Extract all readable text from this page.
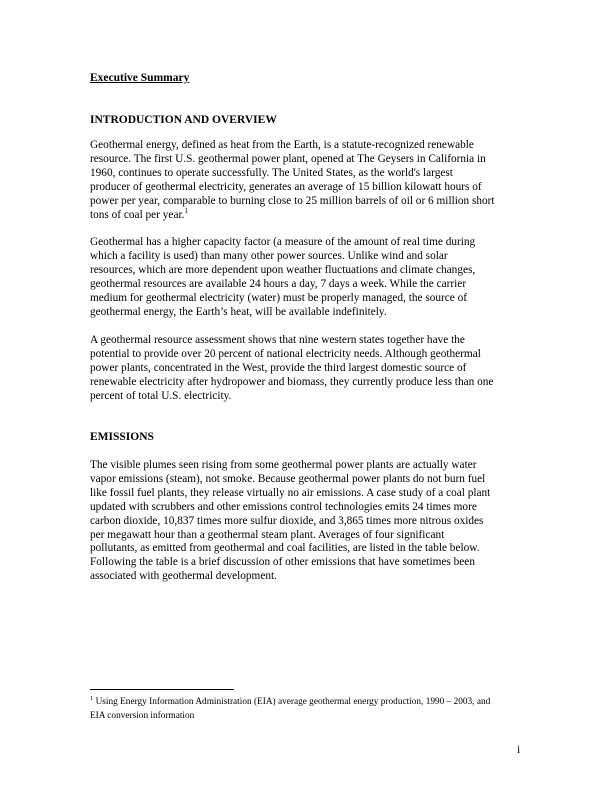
Executive Summary
INTRODUCTION AND OVERVIEW

Geothermal energy, defined as heat from the Earth, is a statute-recognized renewable
resource. The first U.S. geothermal power plant, opened at The Geysers in California in
1960, continues to operate successfully. The United States, as the world's largest
producer of geothermal electricity, generates an average of 15 billion kilowatt hours of
power per year, comparable to burning close to 25 million barrels of oil or 6 million short
tons of coal per year.$^1$

Geothermal has a higher capacity factor (a measure of the amount of real time during
which a facility is used) than many other power sources. Unlike wind and solar
resources, which are more dependent upon weather fluctuations and climate changes,
geothermal resources are available 24 hours a day, 7 days a week. While the carrier
medium for geothermal electricity (water) must be properly managed, the source of
geothermal energy, the Earth’s heat, will be available indefinitely.

A geothermal resource assessment shows that nine western states together have the
potential to provide over 20 percent of national electricity needs. Although geothermal
power plants, concentrated in the West, provide the third largest domestic source of
renewable electricity after hydropower and biomass, they currently produce less than one
percent of total U.S. electricity.

EMISSIONS

The visible plumes seen rising from some geothermal power plants are actually water
vapor emissions (steam), not smoke. Because geothermal power plants do not burn fuel
like fossil fuel plants, they release virtually no air emissions. A case study of a coal plant
updated with scrubbers and other emissions control technologies emits 24 times more
carbon dioxide, 10,837 times more sulfur dioxide, and 3,865 times more nitrous oxides
per megawatt hour than a geothermal steam plant. Averages of four significant
pollutants, as emitted from geothermal and coal facilities, are listed in the table below.
Following the table is a brief discussion of other emissions that have sometimes been
associated with geothermal development.

$^1$ Using Energy Information Administration (EIA) average geothermal energy production, 1990 – 2003, and
EIA conversion information

i
